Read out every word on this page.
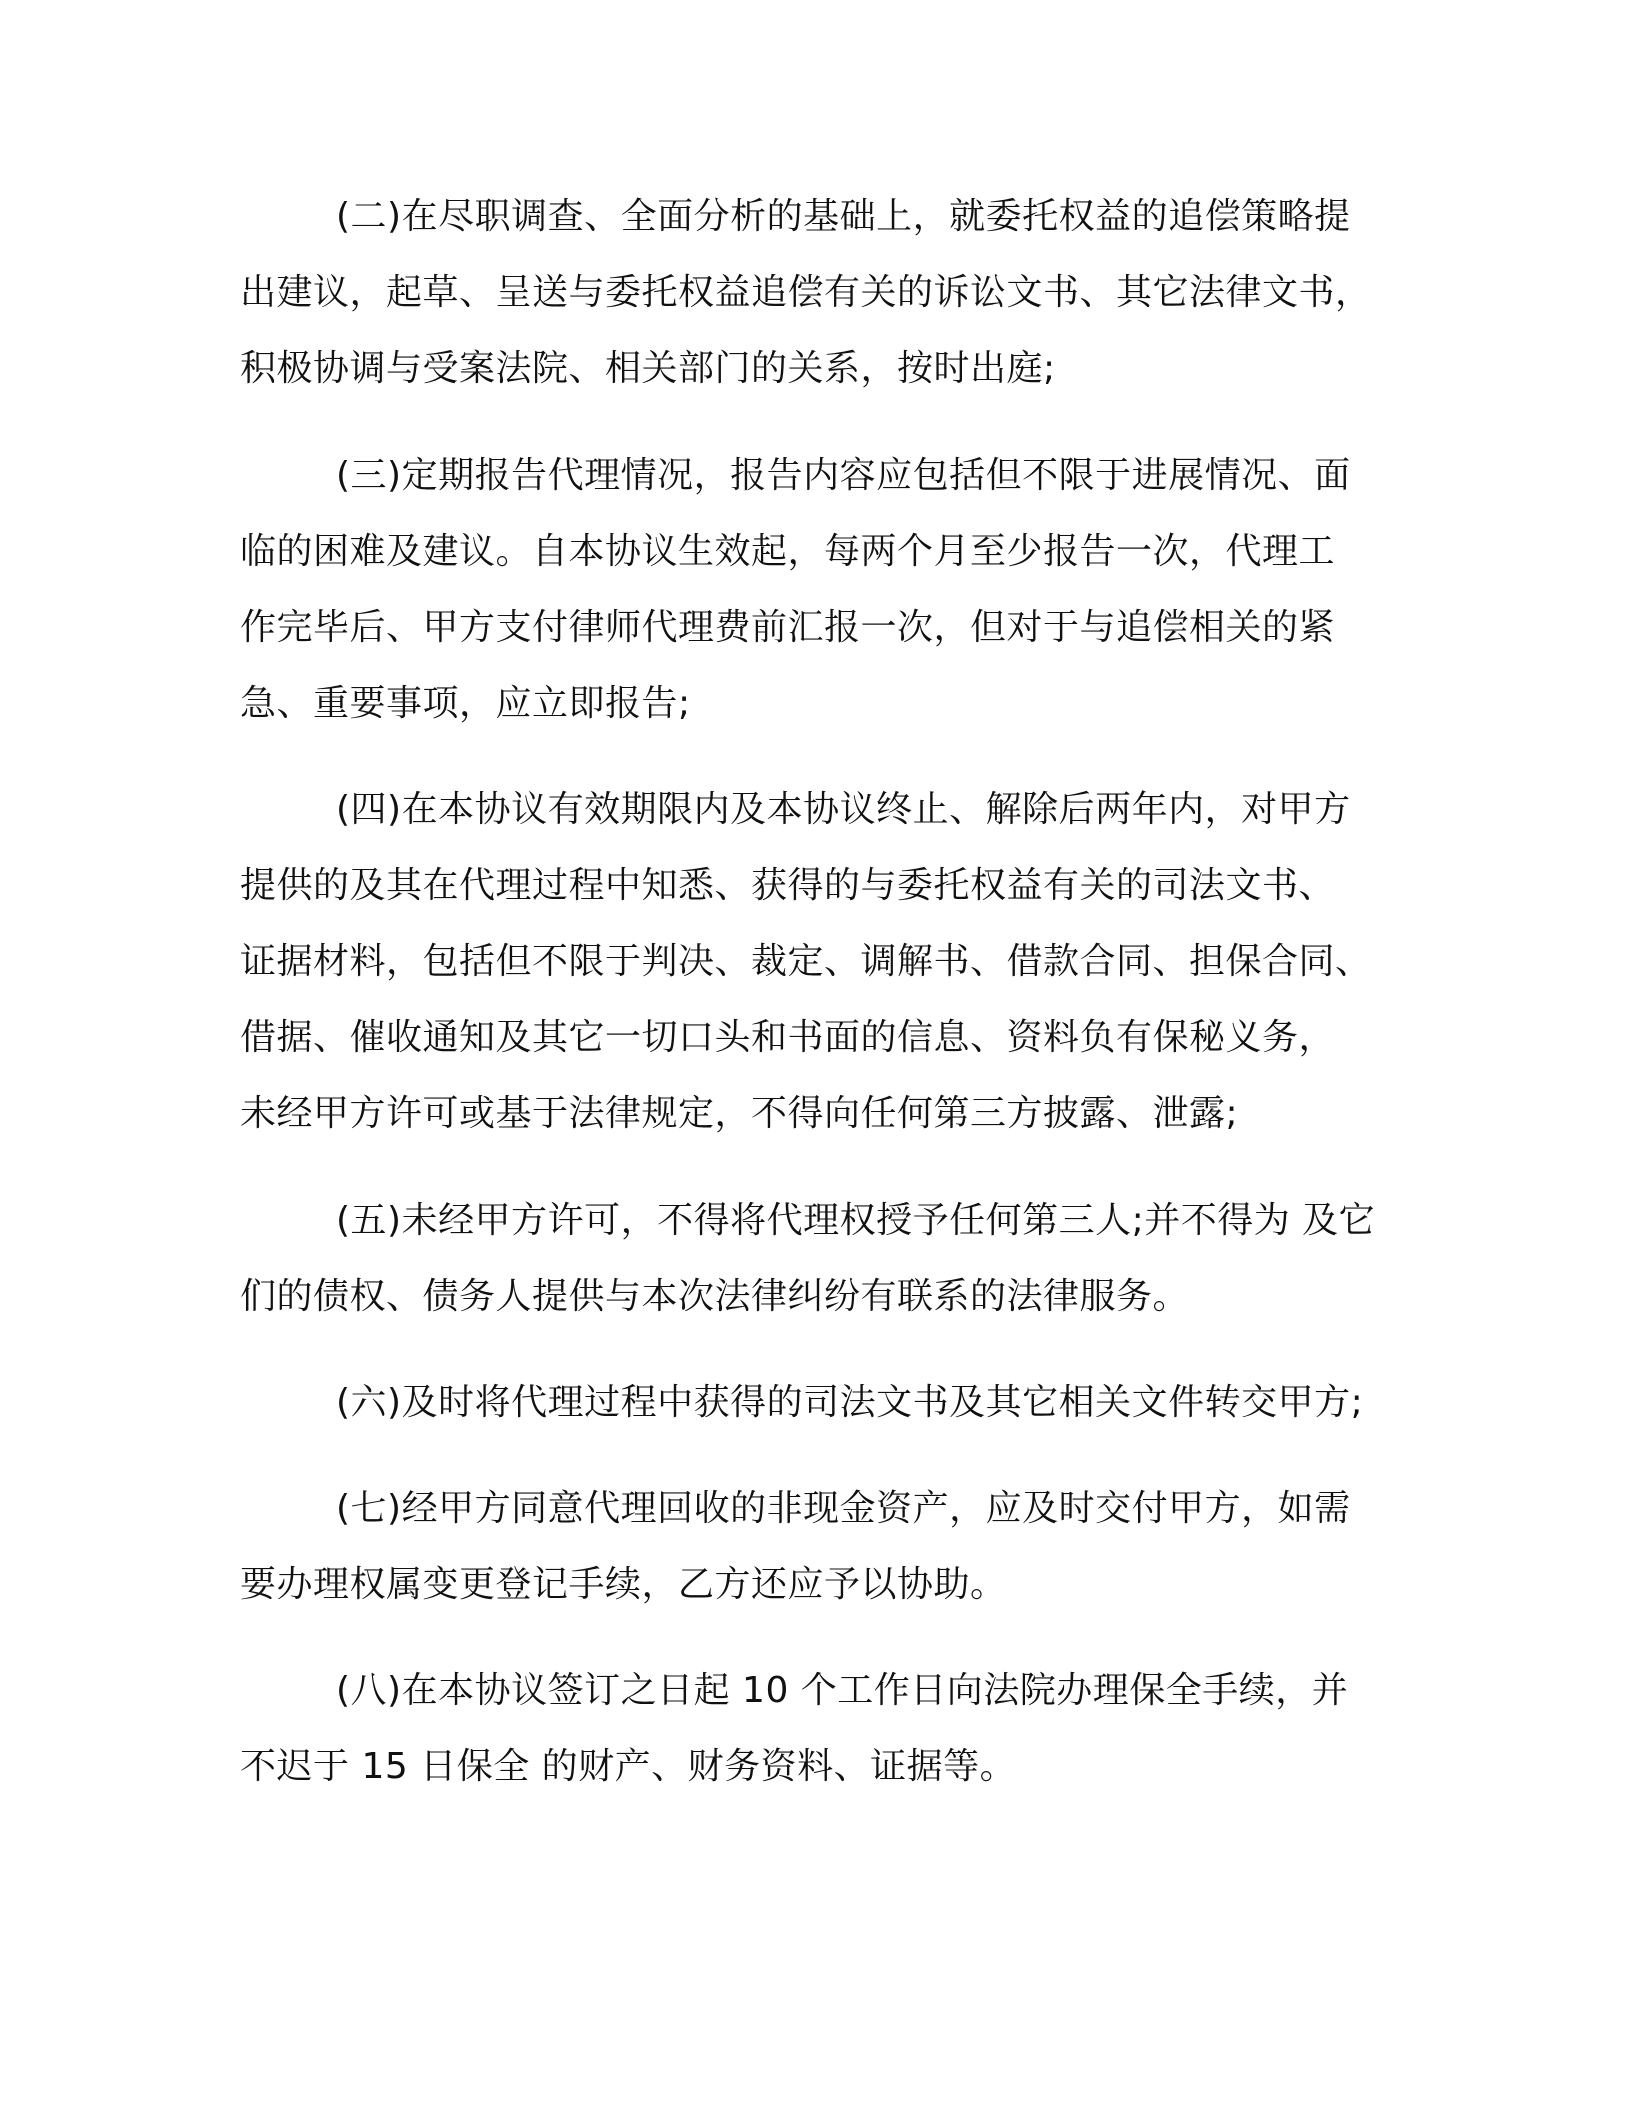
(二)在尽职调查、全面分析的基础上，就委托权益的追偿策略提
出建议，起草、呈送与委托权益追偿有关的诉讼文书、其它法律文书，
积极协调与受案法院、相关部门的关系，按时出庭;
(三)定期报告代理情况，报告内容应包括但不限于进展情况、面
临的困难及建议。自本协议生效起，每两个月至少报告一次，代理工
作完毕后、甲方支付律师代理费前汇报一次，但对于与追偿相关的紧
急、重要事项，应立即报告;
(四)在本协议有效期限内及本协议终止、解除后两年内，对甲方
提供的及其在代理过程中知悉、获得的与委托权益有关的司法文书、
证据材料，包括但不限于判决、裁定、调解书、借款合同、担保合同、
借据、催收通知及其它一切口头和书面的信息、资料负有保秘义务，
未经甲方许可或基于法律规定，不得向任何第三方披露、泄露;
(五)未经甲方许可，不得将代理权授予任何第三人;并不得为 及它
们的债权、债务人提供与本次法律纠纷有联系的法律服务。
(六)及时将代理过程中获得的司法文书及其它相关文件转交甲方;
(七)经甲方同意代理回收的非现金资产，应及时交付甲方，如需
要办理权属变更登记手续，乙方还应予以协助。
(八)在本协议签订之日起 10 个工作日向法院办理保全手续，并
不迟于 15 日保全 的财产、财务资料、证据等。
